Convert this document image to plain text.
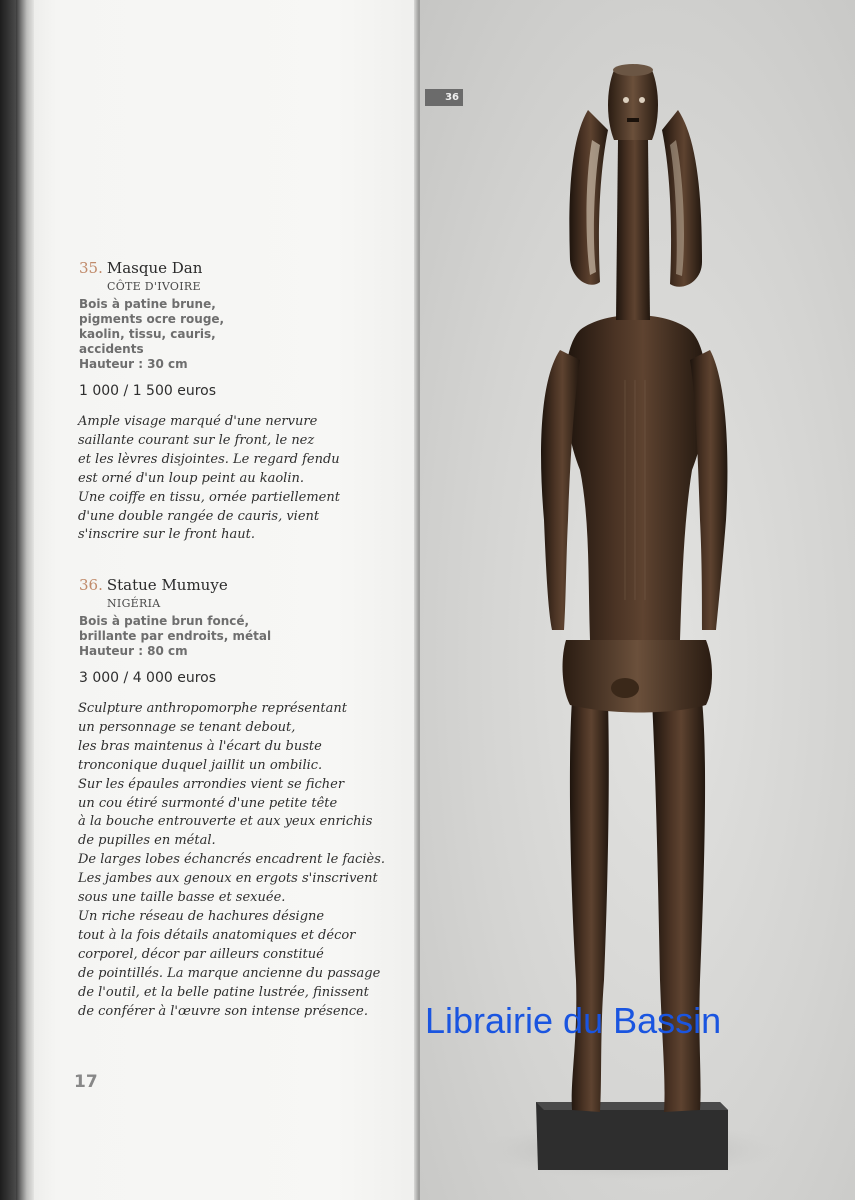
35. Masque Dan
CÔTE D'IVOIRE
Bois à patine brune,
pigments ocre rouge,
kaolin, tissu, cauris,
accidents
Hauteur : 30 cm
1 000 / 1 500 euros
Ample visage marqué d'une nervure
saillante courant sur le front, le nez
et les lèvres disjointes. Le regard fendu
est orné d'un loup peint au kaolin.
Une coiffe en tissu, ornée partiellement
d'une double rangée de cauris, vient
s'inscrire sur le front haut.
36. Statue Mumuye
NIGÉRIA
Bois à patine brun foncé,
brillante par endroits, métal
Hauteur : 80 cm
3 000 / 4 000 euros
Sculpture anthropomorphe représentant
un personnage se tenant debout,
les bras maintenus à l'écart du buste
tronconique duquel jaillit un ombilic.
Sur les épaules arrondies vient se ficher
un cou étiré surmonté d'une petite tête
à la bouche entrouverte et aux yeux enrichis
de pupilles en métal.
De larges lobes échancrés encadrent le faciès.
Les jambes aux genoux en ergots s'inscrivent
sous une taille basse et sexuée.
Un riche réseau de hachures désigne
tout à la fois détails anatomiques et décor
corporel, décor par ailleurs constitué
de pointillés. La marque ancienne du passage
de l'outil, et la belle patine lustrée, finissent
de conférer à l'œuvre son intense présence.
17
36
Librairie du Bassin
